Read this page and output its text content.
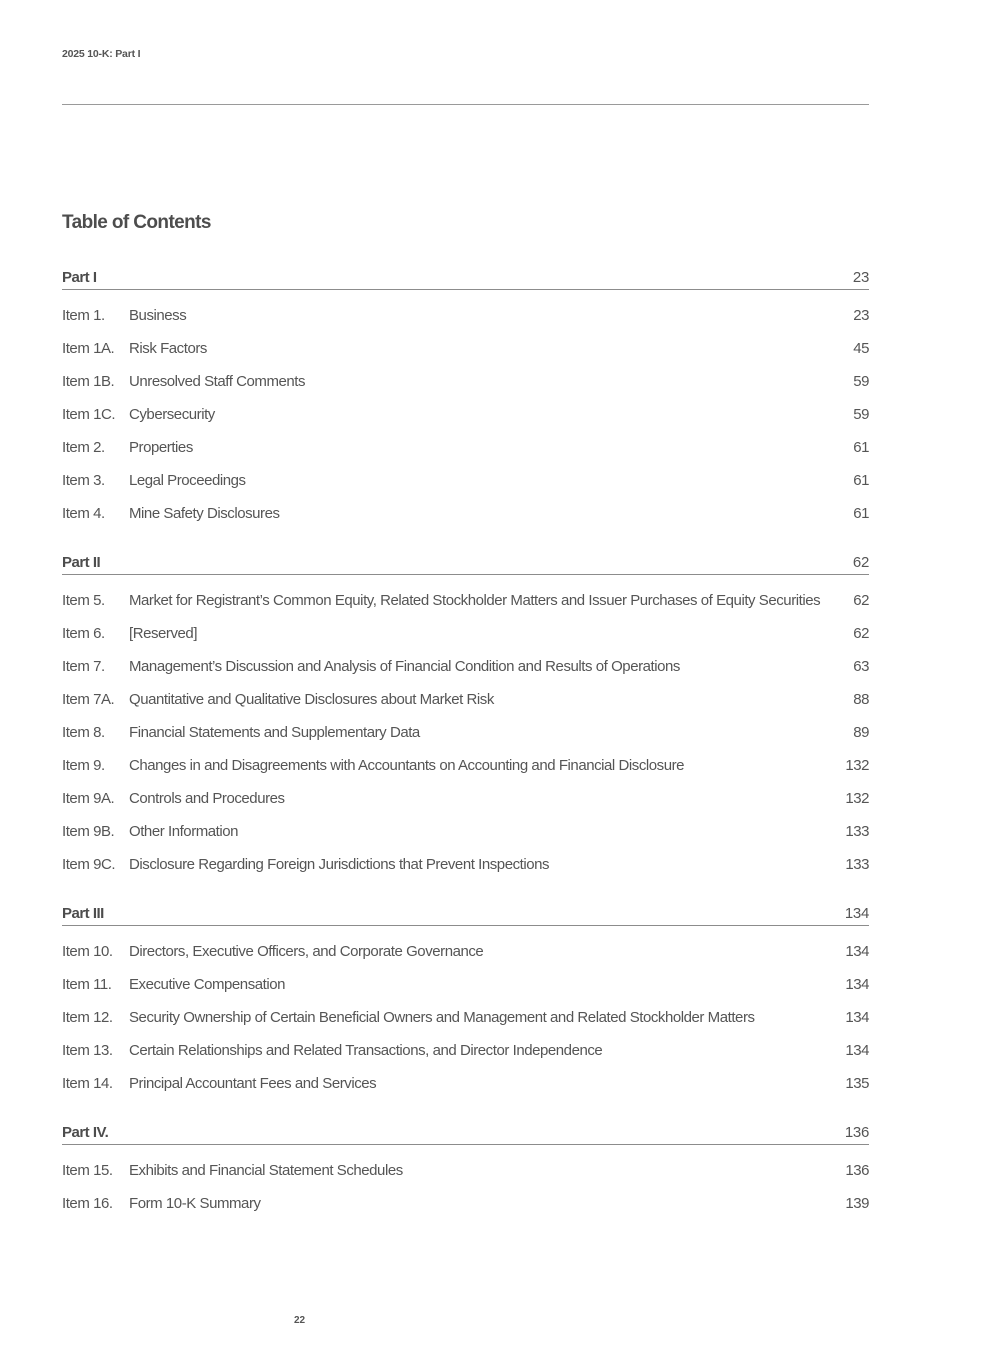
2025 10-K: Part I
Table of Contents
Part I	23
Item 1.	Business	23
Item 1A. Risk Factors	45
Item 1B. Unresolved Staff Comments	59
Item 1C. Cybersecurity	59
Item 2.	Properties	61
Item 3.	Legal Proceedings	61
Item 4.	Mine Safety Disclosures	61
Part II	62
Item 5.	Market for Registrant’s Common Equity, Related Stockholder Matters and Issuer Purchases of Equity Securities	62
Item 6.	[Reserved]	62
Item 7.	Management’s Discussion and Analysis of Financial Condition and Results of Operations	63
Item 7A. Quantitative and Qualitative Disclosures about Market Risk	88
Item 8.	Financial Statements and Supplementary Data	89
Item 9.	Changes in and Disagreements with Accountants on Accounting and Financial Disclosure	132
Item 9A. Controls and Procedures	132
Item 9B. Other Information	133
Item 9C. Disclosure Regarding Foreign Jurisdictions that Prevent Inspections	133
Part III	134
Item 10.	Directors, Executive Officers, and Corporate Governance	134
Item 11.	Executive Compensation	134
Item 12.	Security Ownership of Certain Beneficial Owners and Management and Related Stockholder Matters	134
Item 13.	Certain Relationships and Related Transactions, and Director Independence	134
Item 14.	Principal Accountant Fees and Services	135
Part IV.	136
Item 15.	Exhibits and Financial Statement Schedules	136
Item 16.	Form 10-K Summary	139
22
